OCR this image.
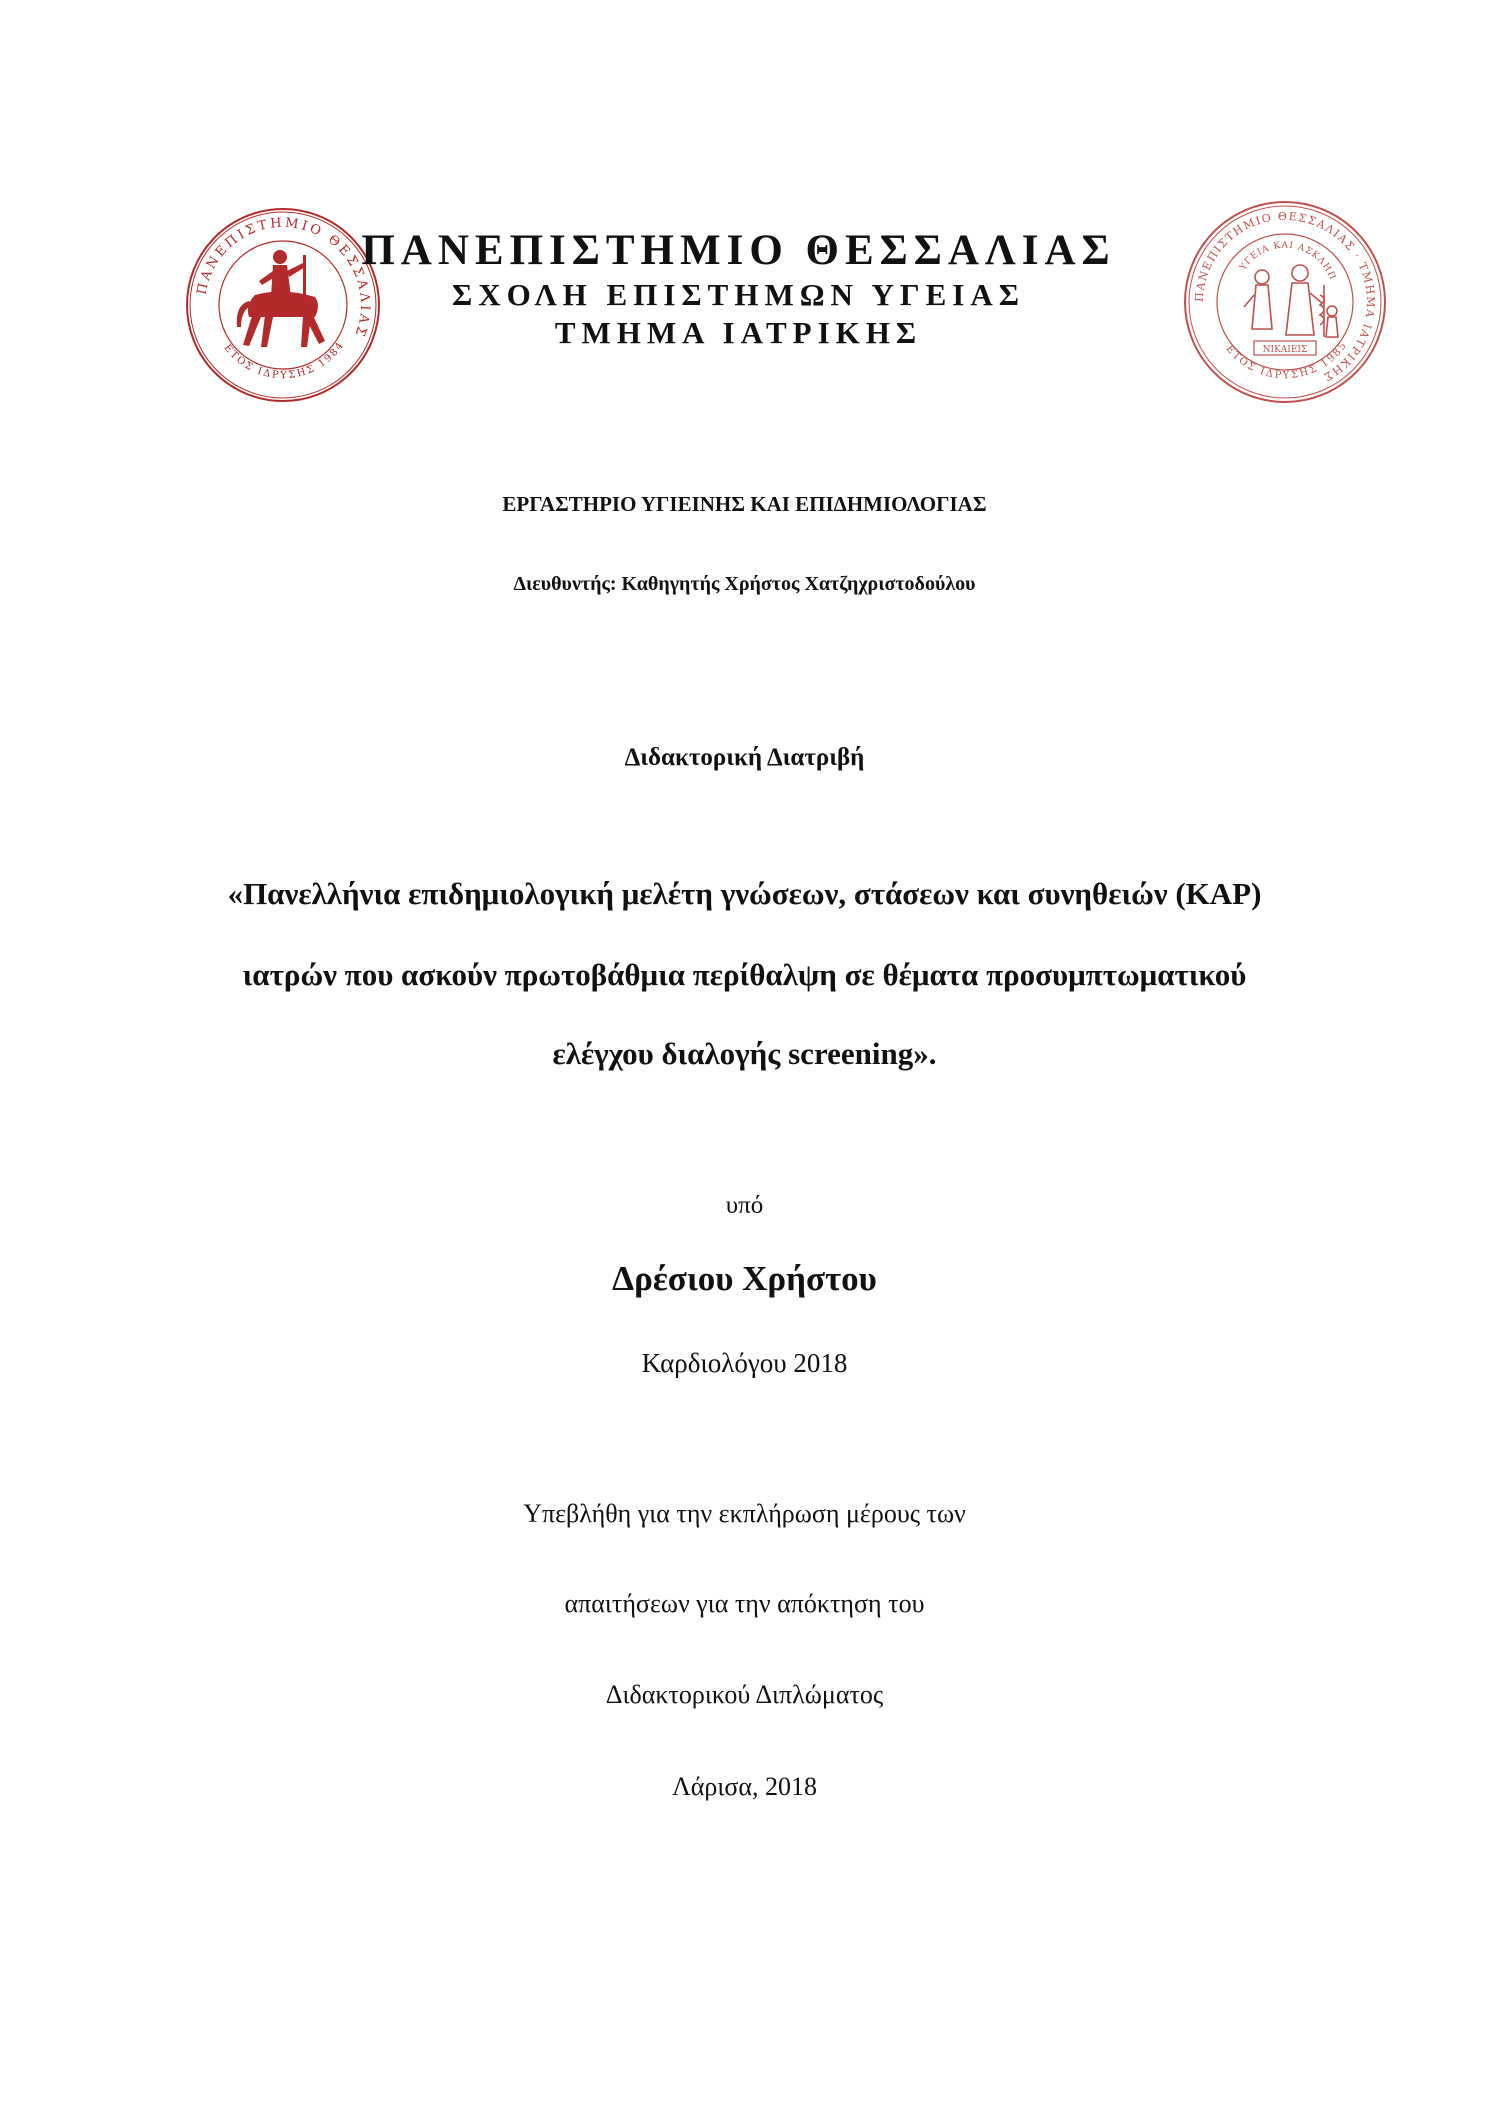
ΠΑΝΕΠΙΣΤΗΜΙΟ ΘΕΣΣΑΛΙΑΣ
ΕΤΟΣ ΙΔΡΥΣΗΣ 1984
ΠΑΝΕΠΙΣΤΗΜΙΟ ΘΕΣΣΑΛΙΑΣ · ΤΜΗΜΑ ΙΑΤΡΙΚΗΣ
ΕΤΟΣ ΙΔΡΥΣΗΣ 1985
ΥΓΕΙΑ ΚΑΙ ΑΣΚΛΗΠ
ΝΙΚΑΙΕΙΣ
ΠΑΝΕΠΙΣΤΗΜΙΟ ΘΕΣΣΑΛΙΑΣ
ΣΧΟΛΗ ΕΠΙΣΤΗΜΩΝ ΥΓΕΙΑΣ
ΤΜΗΜΑ ΙΑΤΡΙΚΗΣ
ΕΡΓΑΣΤΗΡΙΟ ΥΓΙΕΙΝΗΣ ΚΑΙ ΕΠΙΔΗΜΙΟΛΟΓΙΑΣ
Διευθυντής: Καθηγητής Χρήστος Χατζηχριστοδούλου
Διδακτορική Διατριβή
«Πανελλήνια επιδημιολογική μελέτη γνώσεων, στάσεων και συνηθειών (KAP)
ιατρών που ασκούν πρωτοβάθμια περίθαλψη σε θέματα προσυμπτωματικού
ελέγχου διαλογής screening».
υπό
Δρέσιου Χρήστου
Καρδιολόγου 2018
Υπεβλήθη για την εκπλήρωση μέρους των
απαιτήσεων για την απόκτηση του
Διδακτορικού Διπλώματος
Λάρισα, 2018
